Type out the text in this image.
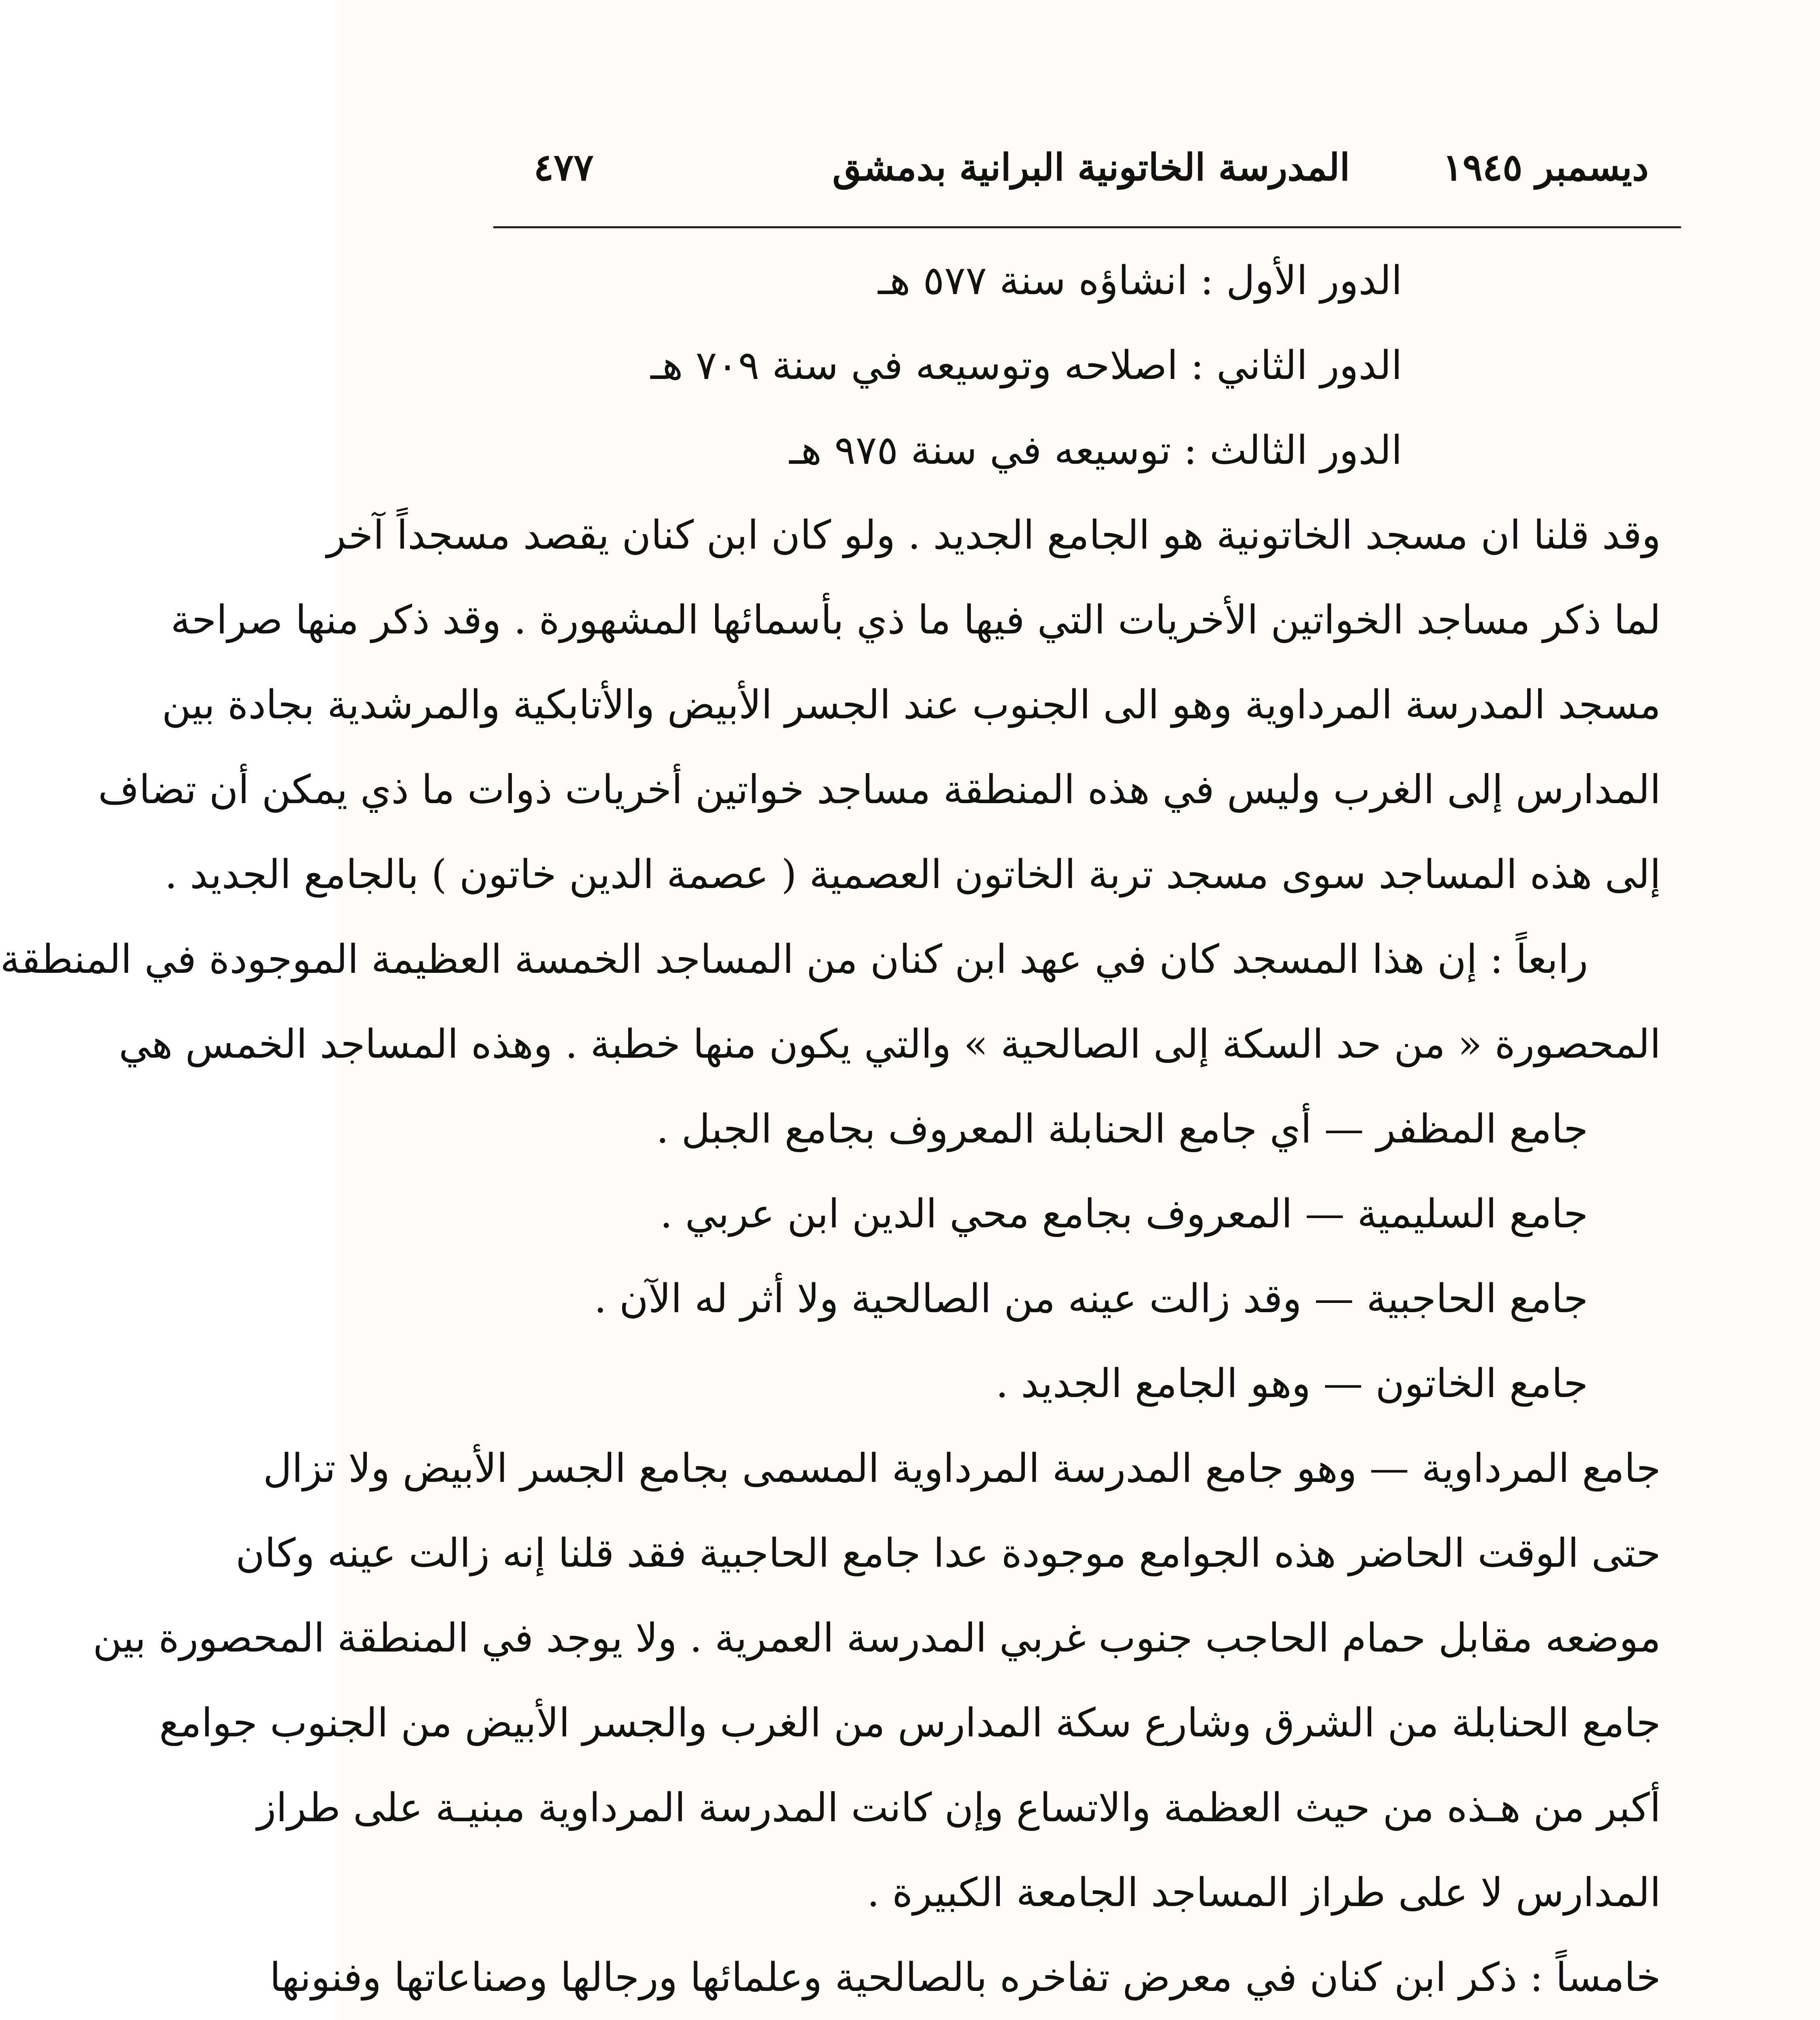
ديسمبر ١٩٤٥
المدرسة الخاتونية البرانية بدمشق
٤٧٧
الدور الأول : انشاؤه سنة ٥٧٧ هـ
الدور الثاني : اصلاحه وتوسيعه في سنة ٧٠٩ هـ
الدور الثالث : توسيعه في سنة ٩٧٥ هـ
وقد قلنا ان مسجد الخاتونية هو الجامع الجديد . ولو كان ابن كنان يقصد مسجداً آخر
لما ذكر مساجد الخواتين الأخريات التي فيها ما ذي بأسمائها المشهورة . وقد ذكر منها صراحة
مسجد المدرسة المرداوية وهو الى الجنوب عند الجسر الأبيض والأتابكية والمرشدية بجادة بين
المدارس إلى الغرب وليس في هذه المنطقة مساجد خواتين أخريات ذوات ما ذي يمكن أن تضاف
إلى هذه المساجد سوى مسجد تربة الخاتون العصمية ( عصمة الدين خاتون ) بالجامع الجديد .
رابعاً : إن هذا المسجد كان في عهد ابن كنان من المساجد الخمسة العظيمة الموجودة في المنطقة
المحصورة « من حد السكة إلى الصالحية » والتي يكون منها خطبة . وهذه المساجد الخمس هي
جامع المظفر — أي جامع الحنابلة المعروف بجامع الجبل .
جامع السليمية — المعروف بجامع محي الدين ابن عربي .
جامع الحاجبية — وقد زالت عينه من الصالحية ولا أثر له الآن .
جامع الخاتون — وهو الجامع الجديد .
جامع المرداوية — وهو جامع المدرسة المرداوية المسمى بجامع الجسر الأبيض ولا تزال
حتى الوقت الحاضر هذه الجوامع موجودة عدا جامع الحاجبية فقد قلنا إنه زالت عينه وكان
موضعه مقابل حمام الحاجب جنوب غربي المدرسة العمرية . ولا يوجد في المنطقة المحصورة بين
جامع الحنابلة من الشرق وشارع سكة المدارس من الغرب والجسر الأبيض من الجنوب جوامع
أكبر من هـذه من حيث العظمة والاتساع وإن كانت المدرسة المرداوية مبنيـة على طراز
المدارس لا على طراز المساجد الجامعة الكبيرة .
خامساً : ذكر ابن كنان في معرض تفاخره بالصالحية وعلمائها ورجالها وصناعاتها وفنونها
